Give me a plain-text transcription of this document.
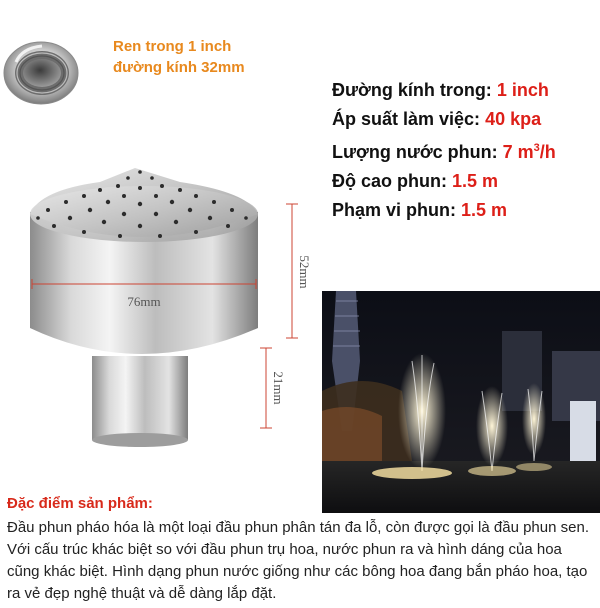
Ren trong 1 inch
đường kính 32mm
Đường kính trong: 1 inch
Áp suất làm việc: 40 kpa
Lượng nước phun: 7 $m^3/h$
Độ cao phun: 1.5 m
Phạm vi phun: 1.5 m
76mm
52mm
21mm
Đặc điểm sản phẩm:
Đầu phun pháo hóa là một loại đầu phun phân tán đa lỗ, còn được gọi là đầu phun sen. Với cấu trúc khác biệt so với đầu phun trụ hoa, nước phun ra và hình dáng của hoa cũng khác biệt. Hình dạng phun nước giống như các bông hoa đang bắn pháo hoa, tạo ra vẻ đẹp nghệ thuật và dễ dàng lắp đặt.
